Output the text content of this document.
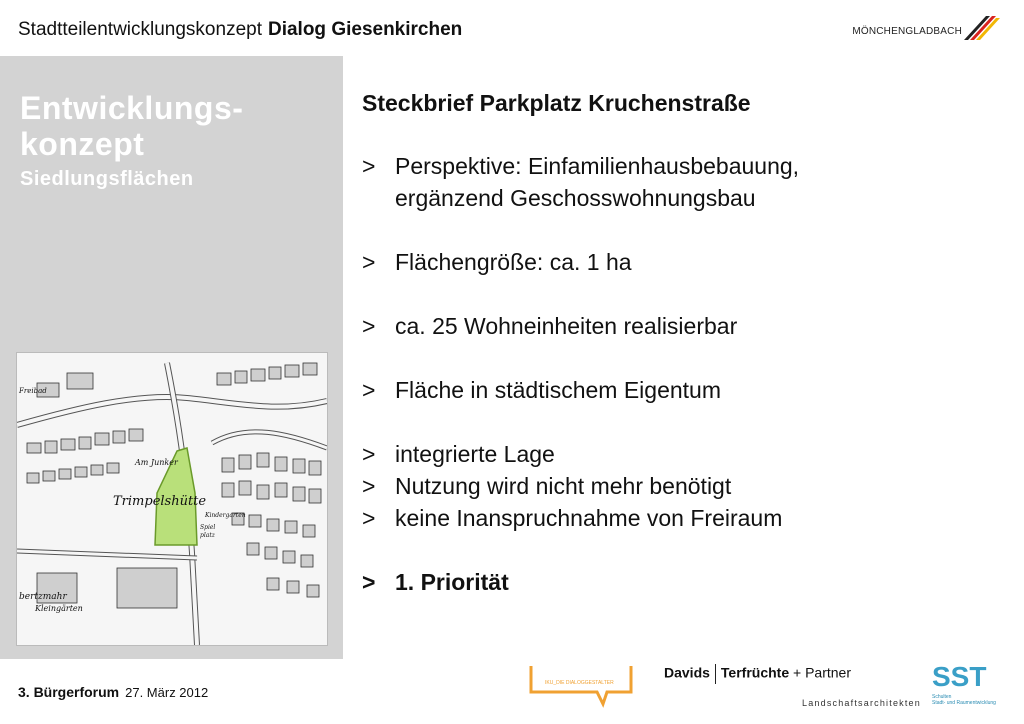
Stadtteilentwicklungskonzept Dialog Giesenkirchen	MÖNCHENGLADBACH
Entwicklungs-
konzept
Siedlungsflächen
Am Junker
Trimpelshütte
Kleingärten
bertzmahr
Freibad
Kindergarten
Spiel
platz
Steckbrief Parkplatz Kruchenstraße
> Perspektive: Einfamilienhausbebauung,
ergänzend Geschosswohnungsbau
> Flächengröße: ca. 1 ha
> ca. 25 Wohneinheiten realisierbar
> Fläche in städtischem Eigentum
> integrierte Lage
> Nutzung wird nicht mehr benötigt
> keine Inanspruchnahme von Freiraum
> 1. Priorität
3. Bürgerforum 27. März 2012
IKU_DIE DIALOGGESTALTER
Davids Terfrüchte + Partner
Landschaftsarchitekten
SST
Schulten
Stadt- und Raumentwicklung
